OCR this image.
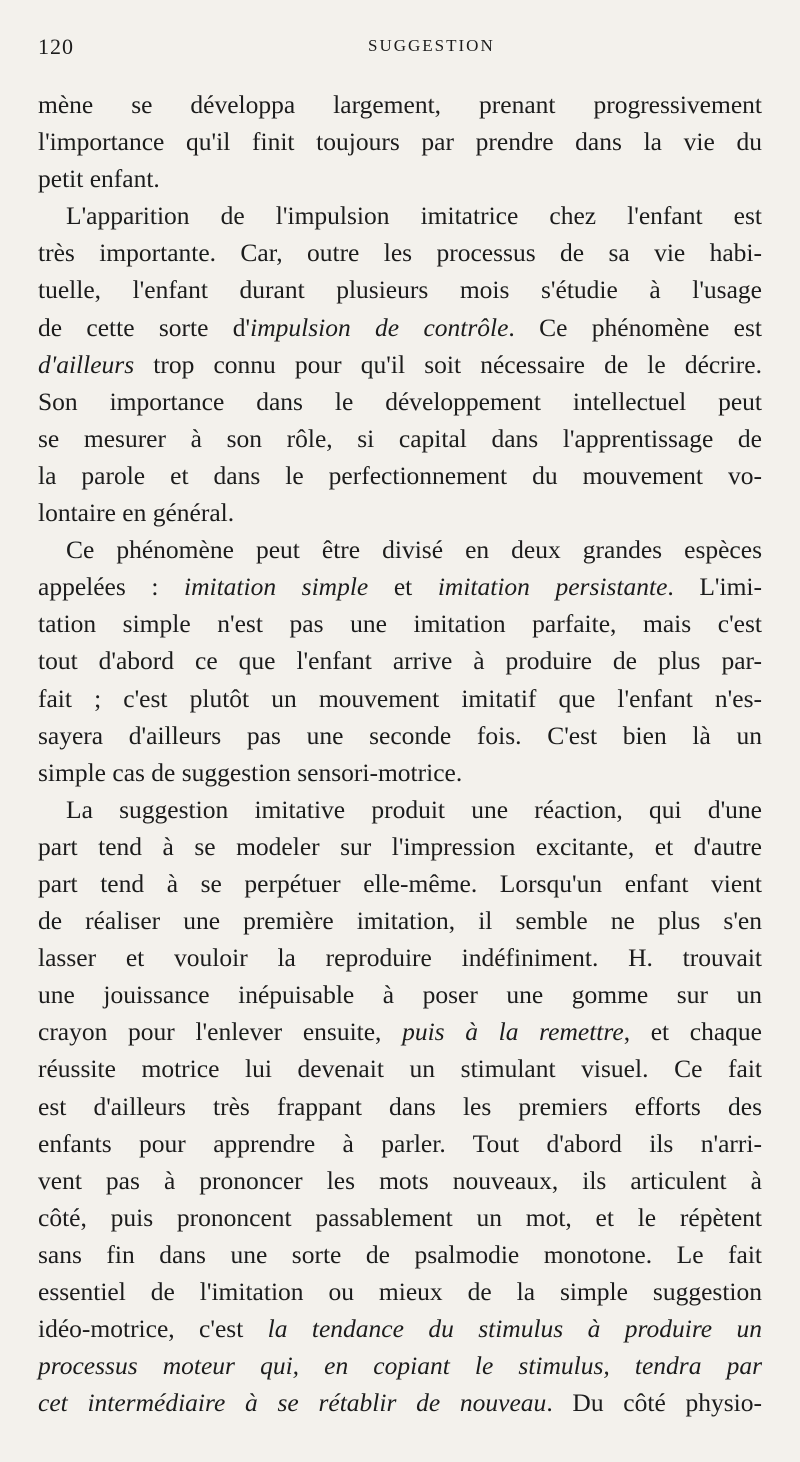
120	SUGGESTION
mène se développa largement, prenant progressivement
l'importance qu'il finit toujours par prendre dans la vie du
petit enfant.
L'apparition de l'impulsion imitatrice chez l'enfant est
très importante. Car, outre les processus de sa vie habi-
tuelle, l'enfant durant plusieurs mois s'étudie à l'usage
de cette sorte d'impulsion de contrôle. Ce phénomène est
d'ailleurs trop connu pour qu'il soit nécessaire de le décrire.
Son importance dans le développement intellectuel peut
se mesurer à son rôle, si capital dans l'apprentissage de
la parole et dans le perfectionnement du mouvement vo-
lontaire en général.
Ce phénomène peut être divisé en deux grandes espèces
appelées : imitation simple et imitation persistante. L'imi-
tation simple n'est pas une imitation parfaite, mais c'est
tout d'abord ce que l'enfant arrive à produire de plus par-
fait ; c'est plutôt un mouvement imitatif que l'enfant n'es-
sayera d'ailleurs pas une seconde fois. C'est bien là un
simple cas de suggestion sensori-motrice.
La suggestion imitative produit une réaction, qui d'une
part tend à se modeler sur l'impression excitante, et d'autre
part tend à se perpétuer elle-même. Lorsqu'un enfant vient
de réaliser une première imitation, il semble ne plus s'en
lasser et vouloir la reproduire indéfiniment. H. trouvait
une jouissance inépuisable à poser une gomme sur un
crayon pour l'enlever ensuite, puis à la remettre, et chaque
réussite motrice lui devenait un stimulant visuel. Ce fait
est d'ailleurs très frappant dans les premiers efforts des
enfants pour apprendre à parler. Tout d'abord ils n'arri-
vent pas à prononcer les mots nouveaux, ils articulent à
côté, puis prononcent passablement un mot, et le répètent
sans fin dans une sorte de psalmodie monotone. Le fait
essentiel de l'imitation ou mieux de la simple suggestion
idéo-motrice, c'est la tendance du stimulus à produire un
processus moteur qui, en copiant le stimulus, tendra par
cet intermédiaire à se rétablir de nouveau. Du côté physio-
